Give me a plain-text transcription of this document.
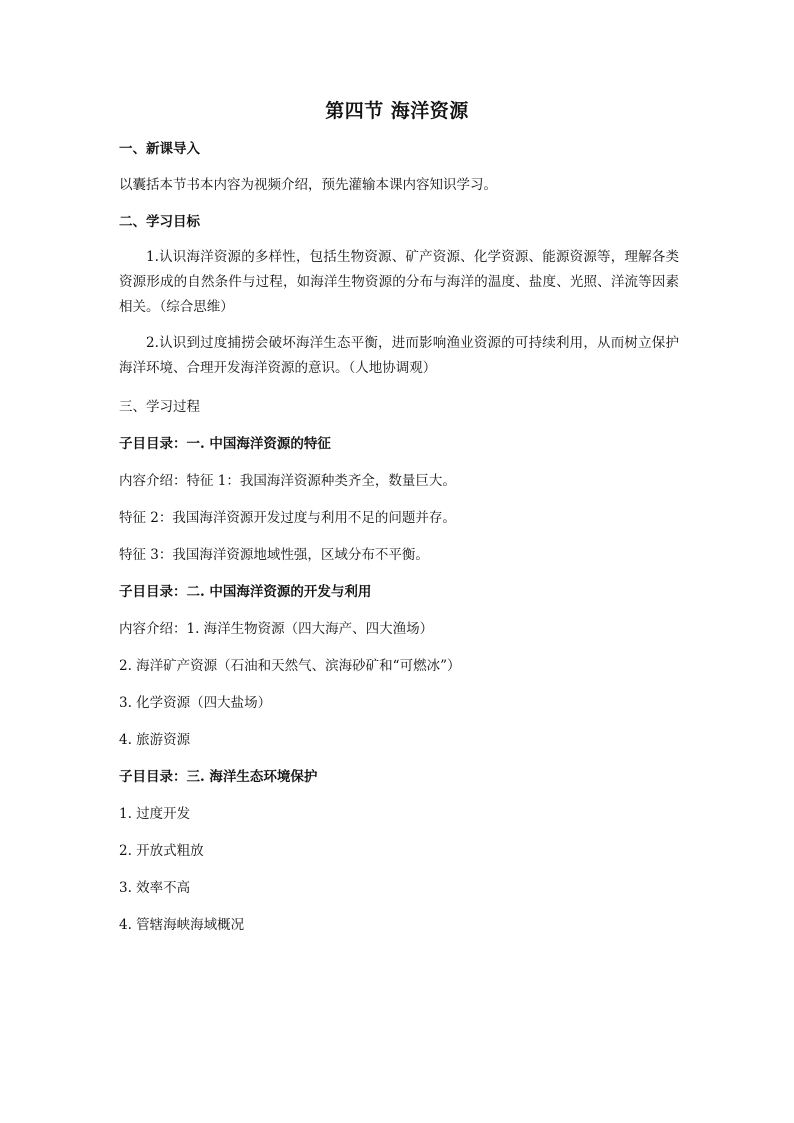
第四节 海洋资源
一、新课导入
以囊括本节书本内容为视频介绍，预先灌输本课内容知识学习。
二、学习目标
1.认识海洋资源的多样性，包括生物资源、矿产资源、化学资源、能源资源等，理解各类资源形成的自然条件与过程，如海洋生物资源的分布与海洋的温度、盐度、光照、洋流等因素相关。（综合思维）
2.认识到过度捕捞会破坏海洋生态平衡，进而影响渔业资源的可持续利用，从而树立保护海洋环境、合理开发海洋资源的意识。（人地协调观）
三、学习过程
子目目录：一. 中国海洋资源的特征
内容介绍：特征 1：我国海洋资源种类齐全，数量巨大。
特征 2：我国海洋资源开发过度与利用不足的问题并存。
特征 3：我国海洋资源地域性强，区域分布不平衡。
子目目录：二. 中国海洋资源的开发与利用
内容介绍：1. 海洋生物资源（四大海产、四大渔场）
2. 海洋矿产资源（石油和天然气、滨海砂矿和“可燃冰”）
3. 化学资源（四大盐场）
4. 旅游资源
子目目录：三. 海洋生态环境保护
1. 过度开发
2. 开放式粗放
3. 效率不高
4. 管辖海峡海域概况
